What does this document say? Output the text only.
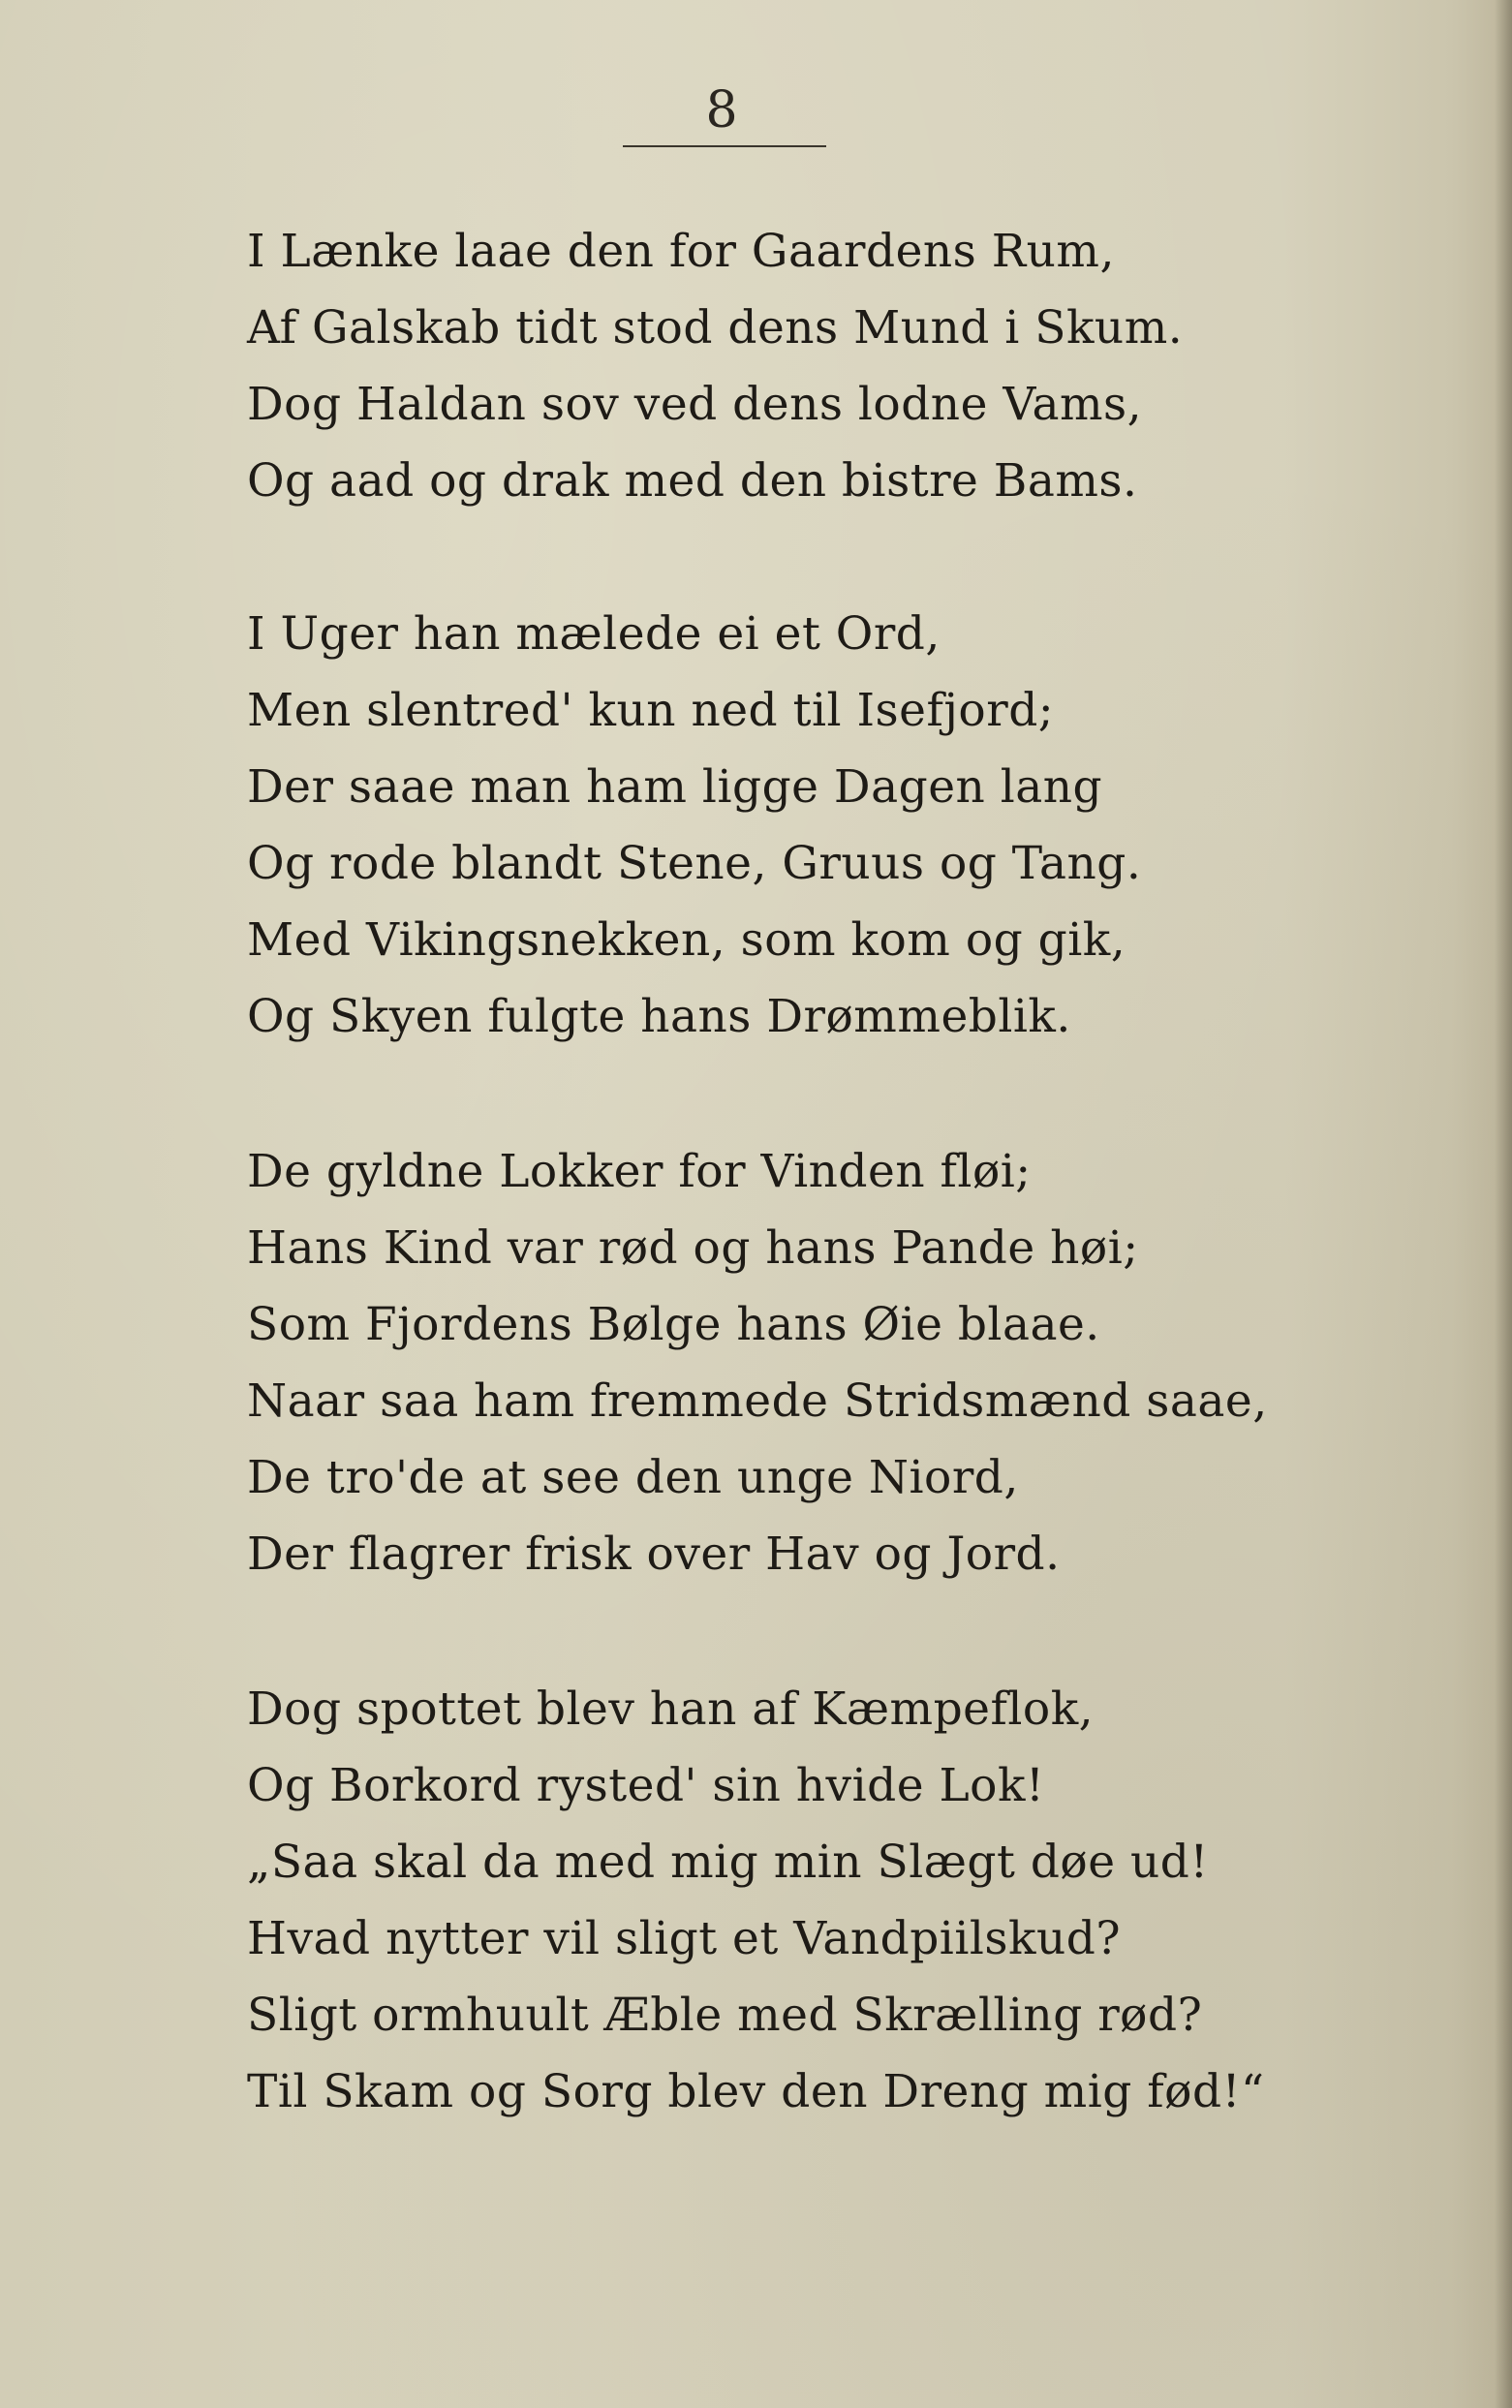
8
I Lænke laae den for Gaardens Rum,
Af Galskab tidt stod dens Mund i Skum.
Dog Haldan sov ved dens lodne Vams,
Og aad og drak med den bistre Bams.
I Uger han mælede ei et Ord,
Men slentred' kun ned til Isefjord;
Der saae man ham ligge Dagen lang
Og rode blandt Stene, Gruus og Tang.
Med Vikingsnekken, som kom og gik,
Og Skyen fulgte hans Drømmeblik.
De gyldne Lokker for Vinden fløi;
Hans Kind var rød og hans Pande høi;
Som Fjordens Bølge hans Øie blaae.
Naar saa ham fremmede Stridsmænd saae,
De tro'de at see den unge Niord,
Der flagrer frisk over Hav og Jord.
Dog spottet blev han af Kæmpeflok,
Og Borkord rysted' sin hvide Lok!
„Saa skal da med mig min Slægt døe ud!
Hvad nytter vil sligt et Vandpiilskud?
Sligt ormhuult Æble med Skrælling rød?
Til Skam og Sorg blev den Dreng mig fød!“
